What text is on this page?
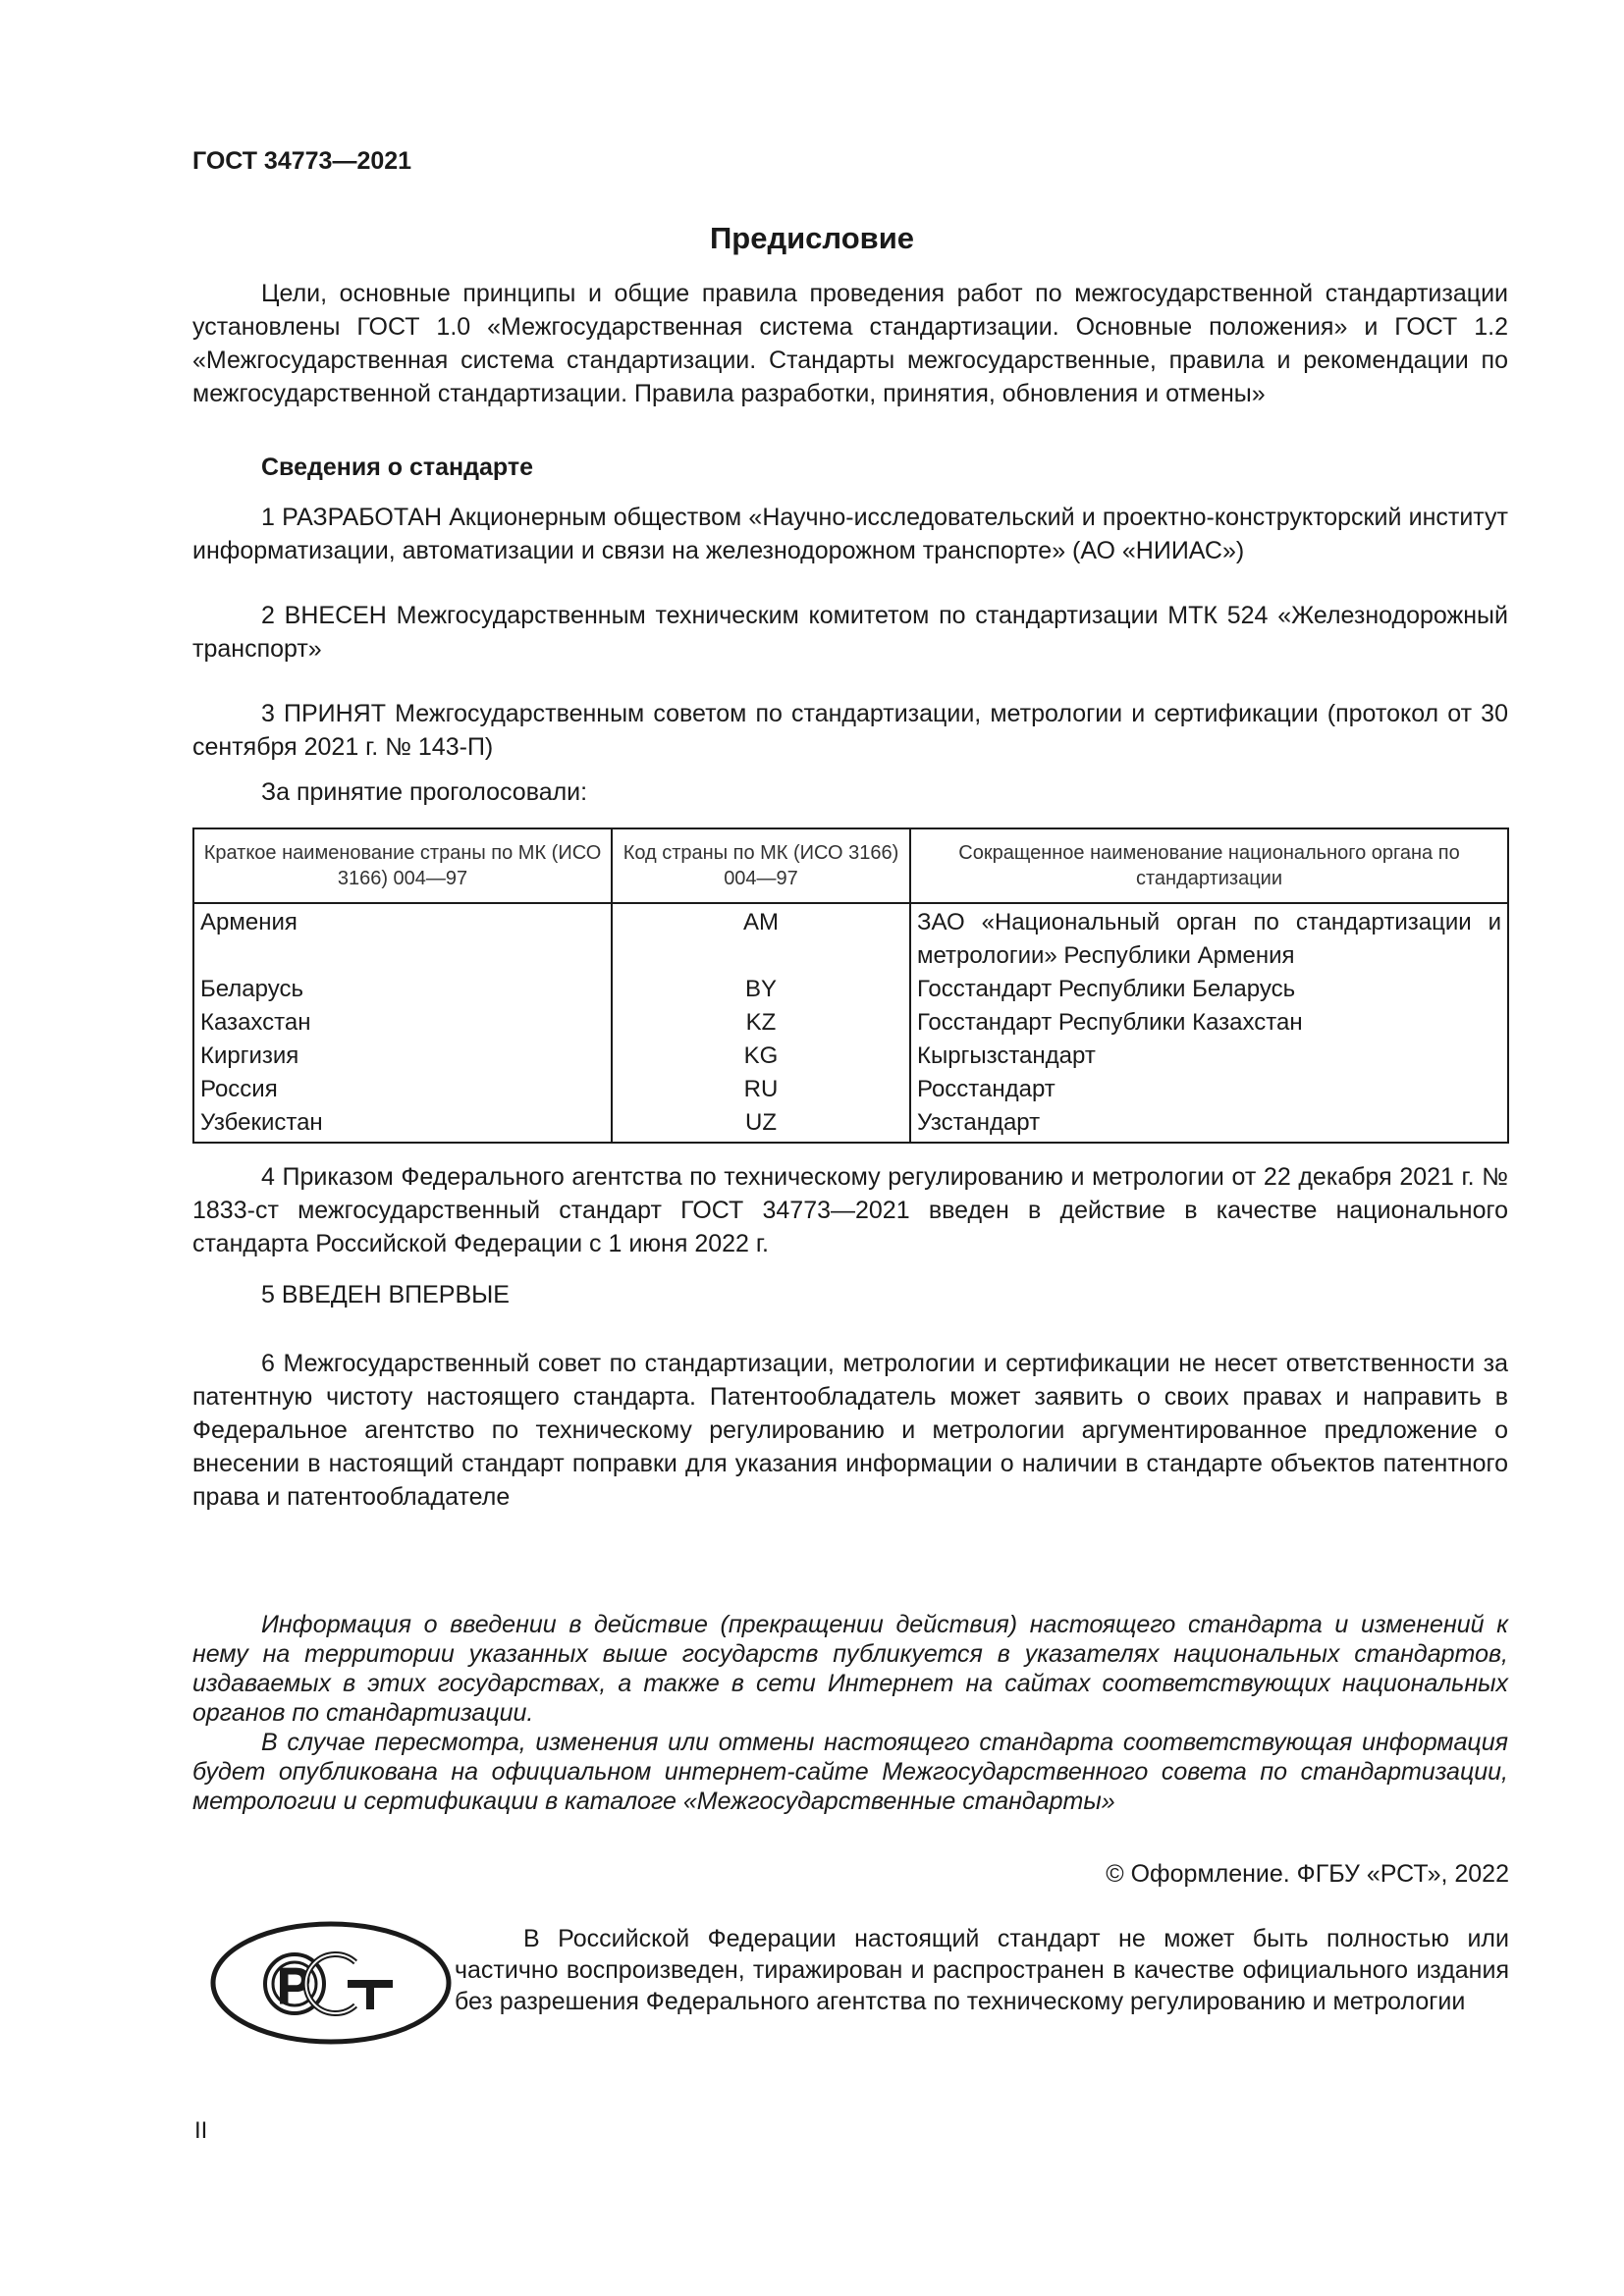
ГОСТ 34773—2021
Предисловие

Цели, основные принципы и общие правила проведения работ по межгосударственной стандартизации установлены ГОСТ 1.0 «Межгосударственная система стандартизации. Основные положения» и ГОСТ 1.2 «Межгосударственная система стандартизации. Стандарты межгосударственные, правила и рекомендации по межгосударственной стандартизации. Правила разработки, принятия, обновления и отмены»

Сведения о стандарте

1 РАЗРАБОТАН Акционерным обществом «Научно-исследовательский и проектно-конструкторский институт информатизации, автоматизации и связи на железнодорожном транспорте» (АО «НИИАС»)

2 ВНЕСЕН Межгосударственным техническим комитетом по стандартизации МТК 524 «Железнодорожный транспорт»

3 ПРИНЯТ Межгосударственным советом по стандартизации, метрологии и сертификации (протокол от 30 сентября 2021 г. № 143-П)

За принятие проголосовали:

Краткое наименование страны по МК (ИСО 3166) 004—97	Код страны по МК (ИСО 3166) 004—97	Сокращенное наименование национального органа по стандартизации
Армения	AM	ЗАО «Национальный орган по стандартизации и метрологии» Республики Армения
Беларусь	BY	Госстандарт Республики Беларусь
Казахстан	KZ	Госстандарт Республики Казахстан
Киргизия	KG	Кыргызстандарт
Россия	RU	Росстандарт
Узбекистан	UZ	Узстандарт

4 Приказом Федерального агентства по техническому регулированию и метрологии от 22 декабря 2021 г. № 1833-ст межгосударственный стандарт ГОСТ 34773—2021 введен в действие в качестве национального стандарта Российской Федерации с 1 июня 2022 г.

5 ВВЕДЕН ВПЕРВЫЕ

6 Межгосударственный совет по стандартизации, метрологии и сертификации не несет ответственности за патентную чистоту настоящего стандарта. Патентообладатель может заявить о своих правах и направить в Федеральное агентство по техническому регулированию и метрологии аргументированное предложение о внесении в настоящий стандарт поправки для указания информации о наличии в стандарте объектов патентного права и патентообладателе

Информация о введении в действие (прекращении действия) настоящего стандарта и изменений к нему на территории указанных выше государств публикуется в указателях национальных стандартов, издаваемых в этих государствах, а также в сети Интернет на сайтах соответствующих национальных органов по стандартизации.

В случае пересмотра, изменения или отмены настоящего стандарта соответствующая информация будет опубликована на официальном интернет-сайте Межгосударственного совета по стандартизации, метрологии и сертификации в каталоге «Межгосударственные стандарты»

© Оформление. ФГБУ «РСТ», 2022
Р

В Российской Федерации настоящий стандарт не может быть полностью или частично воспроизведен, тиражирован и распространен в качестве официального издания без разрешения Федерального агентства по техническому регулированию и метрологии

II
